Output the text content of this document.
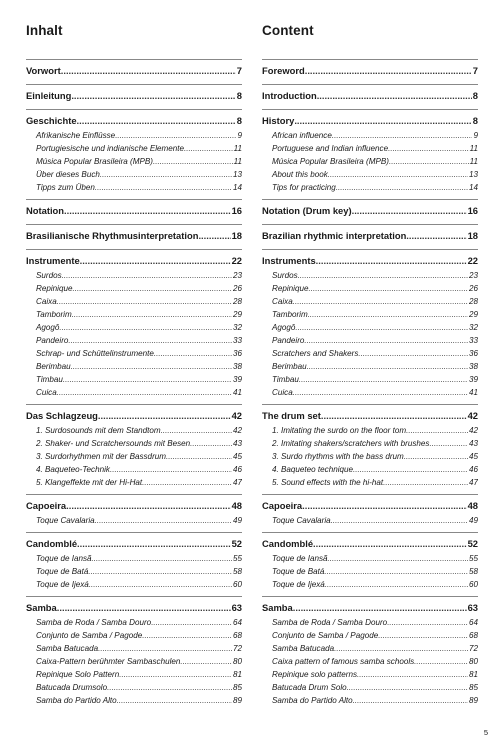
Inhalt
Vorwort .....	7
Einleitung .....	8
Geschichte .....	8
Afrikanische Einflüsse .....	9
Portugiesische und indianische Elemente .....	11
Música Popular Brasileira (MPB) .....	11
Über dieses Buch .....	13
Tipps zum Üben .....	14
Notation .....	16
Brasilianische Rhythmusinterpretation .....	18
Instrumente .....	22
Surdos .....	23
Repinique .....	26
Caixa .....	28
Tamborim .....	29
Agogô .....	32
Pandeiro .....	33
Schrap- und Schüttelinstrumente .....	36
Berimbau .....	38
Timbau .....	39
Cuica .....	41
Das Schlagzeug .....	42
1. Surdosounds mit dem Standtom .....	42
2. Shaker- und Scratchersounds mit Besen .....	43
3. Surdorhythmen mit der Bassdrum .....	45
4. Baqueteo-Technik .....	46
5. Klangeffekte mit der Hi-Hat .....	47
Capoeira .....	48
Toque Cavalaria .....	49
Candomblé .....	52
Toque de Iansã .....	55
Toque de Batá .....	58
Toque de Ijexá .....	60
Samba .....	63
Samba de Roda / Samba Douro .....	64
Conjunto de Samba / Pagode .....	68
Samba Batucada .....	72
Caixa-Pattern berühmter Sambaschulen .....	80
Repinique Solo Pattern .....	81
Batucada Drumsolo .....	85
Samba do Partido Alto .....	89
Content
Foreword .....	7
Introduction .....	8
History .....	8
African influence .....	9
Portuguese and Indian influence .....	11
Música Popular Brasileira (MPB) .....	11
About this book .....	13
Tips for practicing .....	14
Notation (Drum key) .....	16
Brazilian rhythmic interpretation .....	18
Instruments .....	22
Surdos .....	23
Repinique .....	26
Caixa .....	28
Tamborim .....	29
Agogô .....	32
Pandeiro .....	33
Scratchers and Shakers .....	36
Berimbau .....	38
Timbau .....	39
Cuica .....	41
The drum set .....	42
1. Imitating the surdo on the floor tom .....	42
2. Imitating shakers/scratchers with brushes .....	43
3. Surdo rhythms with the bass drum .....	45
4. Baqueteo technique .....	46
5. Sound effects with the hi-hat .....	47
Capoeira .....	48
Toque Cavalaria .....	49
Candomblé .....	52
Toque de Iansã .....	55
Toque de Batá .....	58
Toque de Ijexá .....	60
Samba .....	63
Samba de Roda / Samba Douro .....	64
Conjunto de Samba / Pagode .....	68
Samba Batucada .....	72
Caixa pattern of famous samba schools .....	80
Repinique solo patterns .....	81
Batucada Drum Solo .....	85
Samba do Partido Alto .....	89
5
